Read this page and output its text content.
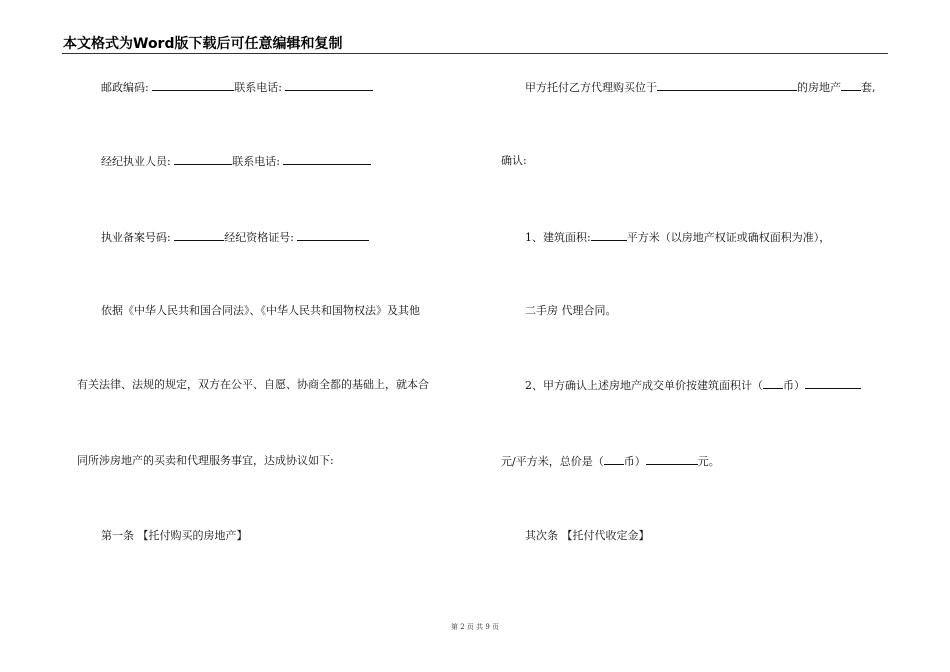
本文格式为Word版下载后可任意编辑和复制
邮政编码:	联系电话:
经纪执业人员:	联系电话:
执业备案号码:	经纪资格证号:
依据《中华人民共和国合同法》、《中华人民共和国物权法》及其他
有关法律、法规的规定，双方在公平、自愿、协商全都的基础上，就本合
同所涉房地产的买卖和代理服务事宜，达成协议如下:
第一条 【托付购买的房地产】
甲方托付乙方代理购买位于	的房地产 套,
确认:
1、建筑面积:	平方米（以房地产权证或确权面积为准），
二手房 代理合同。
2、甲方确认上述房地产成交单价按建筑面积计（ 币）
元/平方米，总价是（ 币）	元。
其次条 【托付代收定金】
第 2 页 共 9 页
